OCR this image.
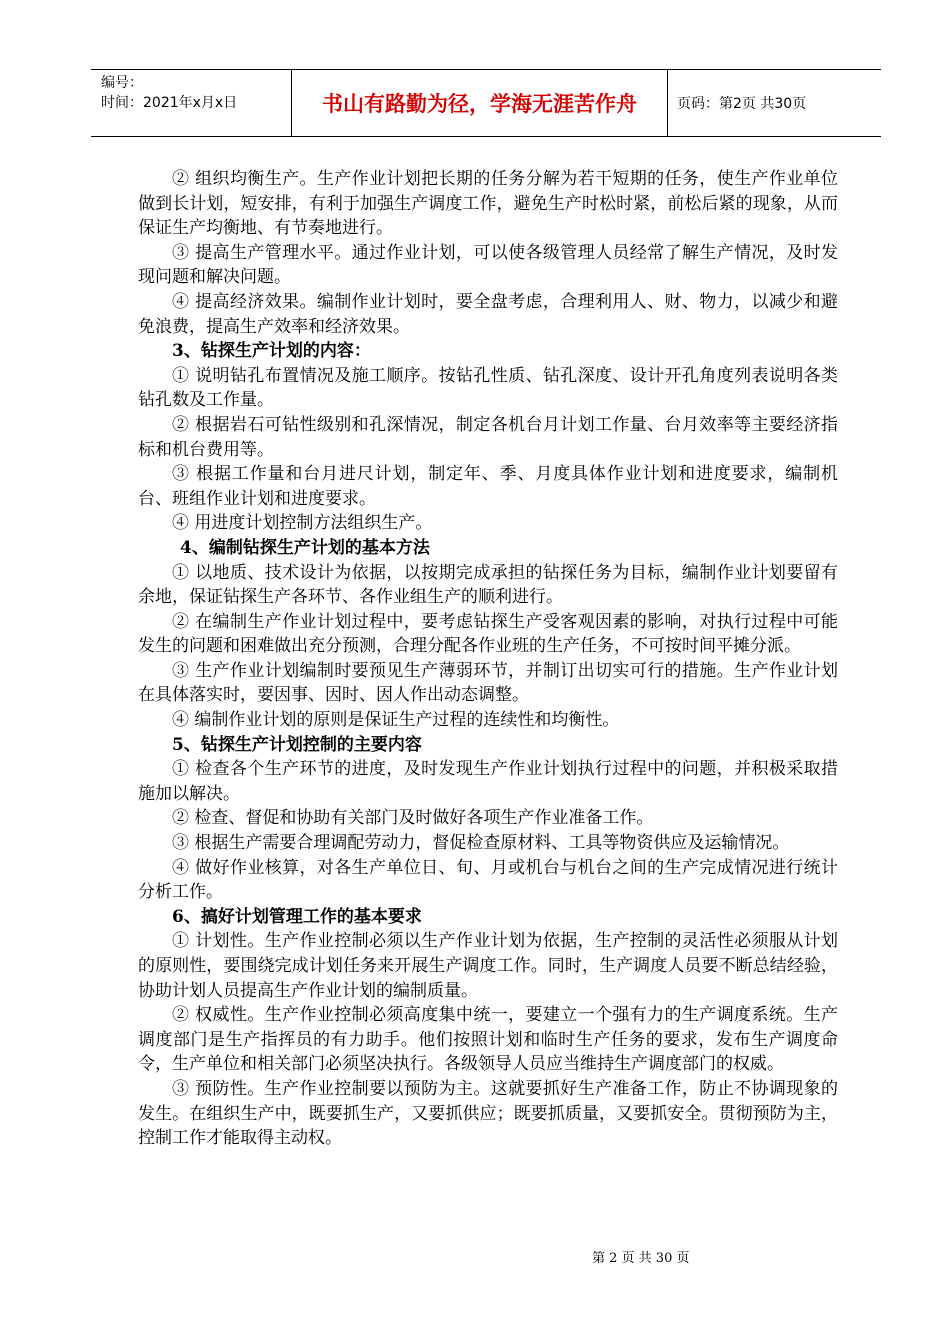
编号：
时间：2021年x月x日	书山有路勤为径，学海无涯苦作舟	页码：第2页 共30页

② 组织均衡生产。生产作业计划把长期的任务分解为若干短期的任务，使生产作业单位做到长计划，短安排，有利于加强生产调度工作，避免生产时松时紧，前松后紧的现象，从而保证生产均衡地、有节奏地进行。

③ 提高生产管理水平。通过作业计划，可以使各级管理人员经常了解生产情况，及时发现问题和解决问题。

④ 提高经济效果。编制作业计划时，要全盘考虑，合理利用人、财、物力，以减少和避免浪费，提高生产效率和经济效果。

3、钻探生产计划的内容：

① 说明钻孔布置情况及施工顺序。按钻孔性质、钻孔深度、设计开孔角度列表说明各类钻孔数及工作量。

② 根据岩石可钻性级别和孔深情况，制定各机台月计划工作量、台月效率等主要经济指标和机台费用等。

③ 根据工作量和台月进尺计划，制定年、季、月度具体作业计划和进度要求，编制机台、班组作业计划和进度要求。

④ 用进度计划控制方法组织生产。

4、编制钻探生产计划的基本方法

① 以地质、技术设计为依据，以按期完成承担的钻探任务为目标，编制作业计划要留有余地，保证钻探生产各环节、各作业组生产的顺利进行。

② 在编制生产作业计划过程中，要考虑钻探生产受客观因素的影响，对执行过程中可能发生的问题和困难做出充分预测，合理分配各作业班的生产任务，不可按时间平摊分派。

③ 生产作业计划编制时要预见生产薄弱环节，并制订出切实可行的措施。生产作业计划在具体落实时，要因事、因时、因人作出动态调整。

④ 编制作业计划的原则是保证生产过程的连续性和均衡性。

5、钻探生产计划控制的主要内容

① 检查各个生产环节的进度，及时发现生产作业计划执行过程中的问题，并积极采取措施加以解决。

② 检查、督促和协助有关部门及时做好各项生产作业准备工作。

③ 根据生产需要合理调配劳动力，督促检查原材料、工具等物资供应及运输情况。

④ 做好作业核算，对各生产单位日、旬、月或机台与机台之间的生产完成情况进行统计分析工作。

6、搞好计划管理工作的基本要求

① 计划性。生产作业控制必须以生产作业计划为依据，生产控制的灵活性必须服从计划的原则性，要围绕完成计划任务来开展生产调度工作。同时，生产调度人员要不断总结经验，协助计划人员提高生产作业计划的编制质量。

② 权威性。生产作业控制必须高度集中统一，要建立一个强有力的生产调度系统。生产调度部门是生产指挥员的有力助手。他们按照计划和临时生产任务的要求，发布生产调度命令，生产单位和相关部门必须坚决执行。各级领导人员应当维持生产调度部门的权威。

③ 预防性。生产作业控制要以预防为主。这就要抓好生产准备工作，防止不协调现象的发生。在组织生产中，既要抓生产，又要抓供应；既要抓质量，又要抓安全。贯彻预防为主，控制工作才能取得主动权。

第 2 页 共 30 页
